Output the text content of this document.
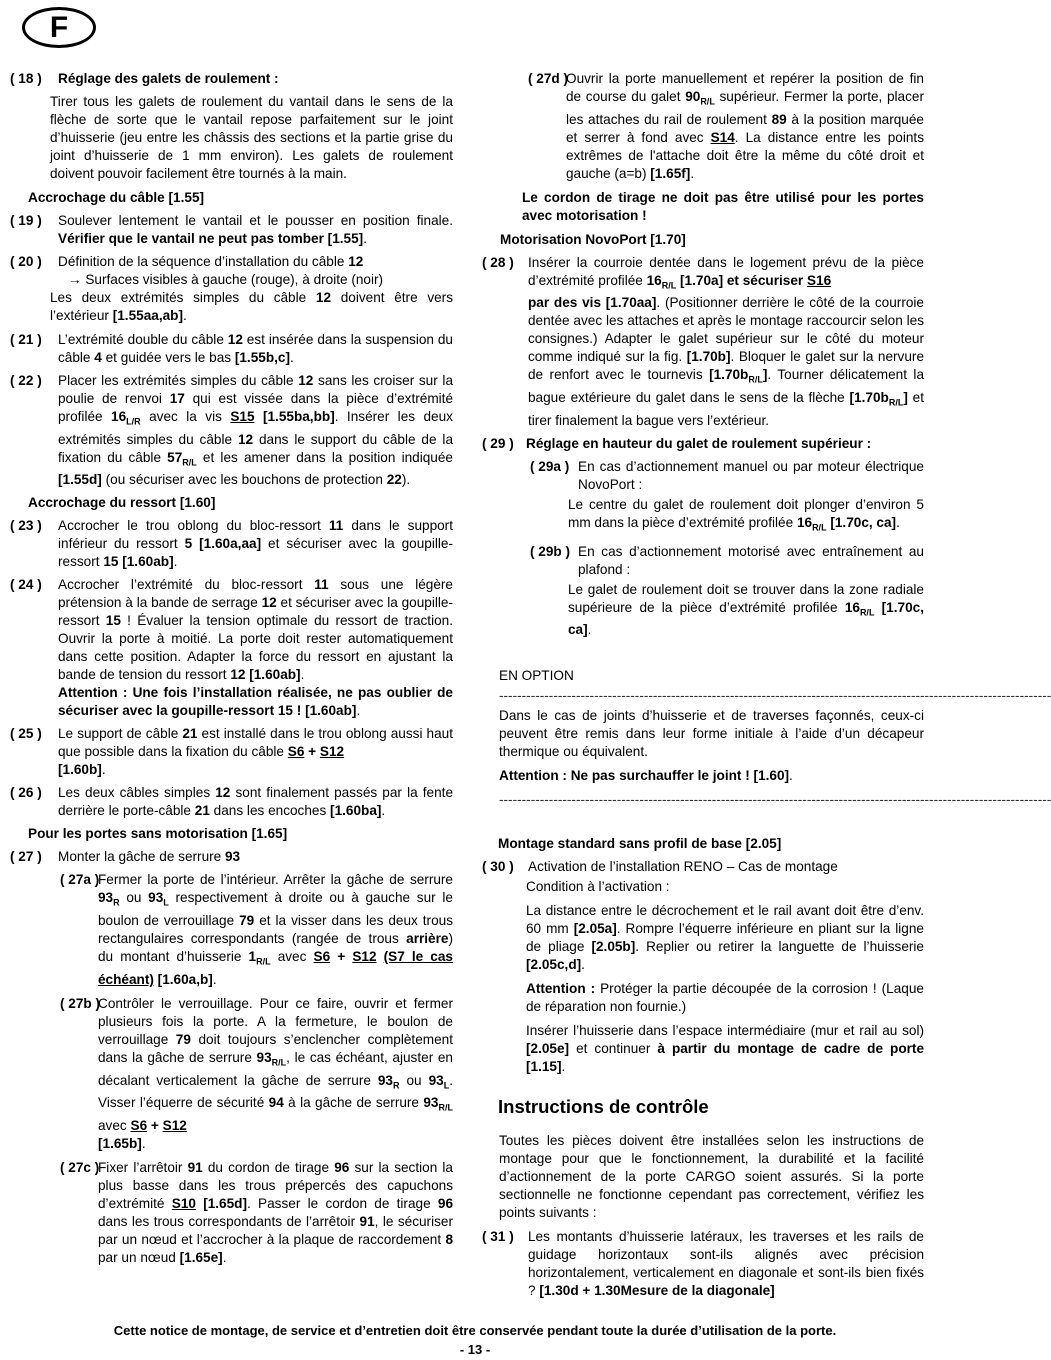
F
( 18 )	Réglage des galets de roulement :
Tirer tous les galets de roulement du vantail dans le sens de la flèche de sorte que le vantail repose parfaitement sur le joint d’huisserie (jeu entre les châssis des sections et la partie grise du joint d’huisserie de 1 mm environ). Les galets de roulement doivent pouvoir facilement être tournés à la main.
Accrochage du câble [1.55]
( 19 )	Soulever lentement le vantail et le pousser en position finale. Vérifier que le vantail ne peut pas tomber [1.55].
( 20 )	Définition de la séquence d’installation du câble 12
→ Surfaces visibles à gauche (rouge), à droite (noir)
Les deux extrémités simples du câble 12 doivent être vers l’extérieur [1.55aa,ab].
( 21 )	L’extrémité double du câble 12 est insérée dans la suspension du câble 4 et guidée vers le bas [1.55b,c].
( 22 )	Placer les extrémités simples du câble 12 sans les croiser sur la poulie de renvoi 17 qui est vissée dans la pièce d’extrémité profilée $16_{L/R}$ avec la vis S15 [1.55ba,bb]. Insérer les deux extrémités simples du câble 12 dans le support du câble de la fixation du câble $57_{R/L}$ et les amener dans la position indiquée [1.55d] (ou sécuriser avec les bouchons de protection 22).
Accrochage du ressort [1.60]
( 23 )	Accrocher le trou oblong du bloc-ressort 11 dans le support inférieur du ressort 5 [1.60a,aa] et sécuriser avec la goupille-ressort 15 [1.60ab].
( 24 )	Accrocher l’extrémité du bloc-ressort 11 sous une légère prétension à la bande de serrage 12 et sécuriser avec la goupille-ressort 15 ! Évaluer la tension optimale du ressort de traction. Ouvrir la porte à moitié. La porte doit rester automatiquement dans cette position. Adapter la force du ressort en ajustant la bande de tension du ressort 12 [1.60ab].
Attention : Une fois l’installation réalisée, ne pas oublier de sécuriser avec la goupille-ressort 15 ! [1.60ab].
( 25 )	Le support de câble 21 est installé dans le trou oblong aussi haut que possible dans la fixation du câble S6 + S12
[1.60b].
( 26 )	Les deux câbles simples 12 sont finalement passés par la fente derrière le porte-câble 21 dans les encoches [1.60ba].
Pour les portes sans motorisation [1.65]
( 27 )	Monter la gâche de serrure 93
( 27a )
Fermer la porte de l’intérieur. Arrêter la gâche de serrure $93_R$ ou $93_L$ respectivement à droite ou à gauche sur le boulon de verrouillage 79 et la visser dans les deux trous rectangulaires correspondants (rangée de trous arrière) du montant d’huisserie $1_{R/L}$ avec S6 + S12 (S7 le cas échéant) [1.60a,b].
( 27b )
Contrôler le verrouillage. Pour ce faire, ouvrir et fermer plusieurs fois la porte. A la fermeture, le boulon de verrouillage 79 doit toujours s’enclencher complètement dans la gâche de serrure $93_{R/L}$, le cas échéant, ajuster en décalant verticalement la gâche de serrure $93_R$ ou $93_L$. Visser l’équerre de sécurité 94 à la gâche de serrure $93_{R/L}$ avec S6 + S12
[1.65b].
( 27c )
Fixer l’arrêtoir 91 du cordon de tirage 96 sur la section la plus basse dans les trous prépercés des capuchons d’extrémité S10 [1.65d]. Passer le cordon de tirage 96 dans les trous correspondants de l’arrêtoir 91, le sécuriser par un nœud et l’accrocher à la plaque de raccordement 8 par un nœud [1.65e].
( 27d )
Ouvrir la porte manuellement et repérer la position de fin de course du galet $90_{R/L}$ supérieur. Fermer la porte, placer les attaches du rail de roulement 89 à la position marquée et serrer à fond avec S14. La distance entre les points extrêmes de l'attache doit être la même du côté droit et gauche (a=b) [1.65f].
Le cordon de tirage ne doit pas être utilisé pour les portes avec motorisation !
Motorisation NovoPort [1.70]
( 28 )	Insérer la courroie dentée dans le logement prévu de la pièce d’extrémité profilée $16_{R/L}$ [1.70a] et sécuriser S16
par des vis [1.70aa]. (Positionner derrière le côté de la courroie dentée avec les attaches et après le montage raccourcir selon les consignes.) Adapter le galet supérieur sur le côté du moteur comme indiqué sur la fig. [1.70b]. Bloquer le galet sur la nervure de renfort avec le tournevis $[1.70b_{R/L}]$. Tourner délicatement la bague extérieure du galet dans le sens de la flèche $[1.70b_{R/L}]$ et tirer finalement la bague vers l’extérieur.
( 29 ) Réglage en hauteur du galet de roulement supérieur :
( 29a ) En cas d’actionnement manuel ou par moteur électrique NovoPort :
Le centre du galet de roulement doit plonger d’environ 5 mm dans la pièce d’extrémité profilée $16_{R/L}$ [1.70c, ca].
( 29b ) En cas d’actionnement motorisé avec entraînement au plafond :
Le galet de roulement doit se trouver dans la zone radiale supérieure de la pièce d’extrémité profilée $16_{R/L}$ [1.70c, ca].
EN OPTION
--------------------------------------------------------------------------------------------------------------------------
Dans le cas de joints d’huisserie et de traverses façonnés, ceux-ci peuvent être remis dans leur forme initiale à l’aide d’un décapeur thermique ou équivalent.
Attention : Ne pas surchauffer le joint ! [1.60].
--------------------------------------------------------------------------------------------------------------------------
Montage standard sans profil de base [2.05]
( 30 )	Activation de l’installation RENO – Cas de montage
Condition à l’activation :
La distance entre le décrochement et le rail avant doit être d’env. 60 mm [2.05a]. Rompre l’équerre inférieure en pliant sur la ligne de pliage [2.05b]. Replier ou retirer la languette de l’huisserie [2.05c,d].
Attention : Protéger la partie découpée de la corrosion ! (Laque de réparation non fournie.)
Insérer l’huisserie dans l’espace intermédiaire (mur et rail au sol) [2.05e] et continuer à partir du montage de cadre de porte [1.15].
Instructions de contrôle
Toutes les pièces doivent être installées selon les instructions de montage pour que le fonctionnement, la durabilité et la facilité d’actionnement de la porte CARGO soient assurés. Si la porte sectionnelle ne fonctionne cependant pas correctement, vérifiez les points suivants :
( 31 )	Les montants d’huisserie latéraux, les traverses et les rails de guidage horizontaux sont-ils alignés avec précision horizontalement, verticalement en diagonale et sont-ils bien fixés ? [1.30d + 1.30Mesure de la diagonale]
Cette notice de montage, de service et d’entretien doit être conservée pendant toute la durée d’utilisation de la porte.
- 13 -
